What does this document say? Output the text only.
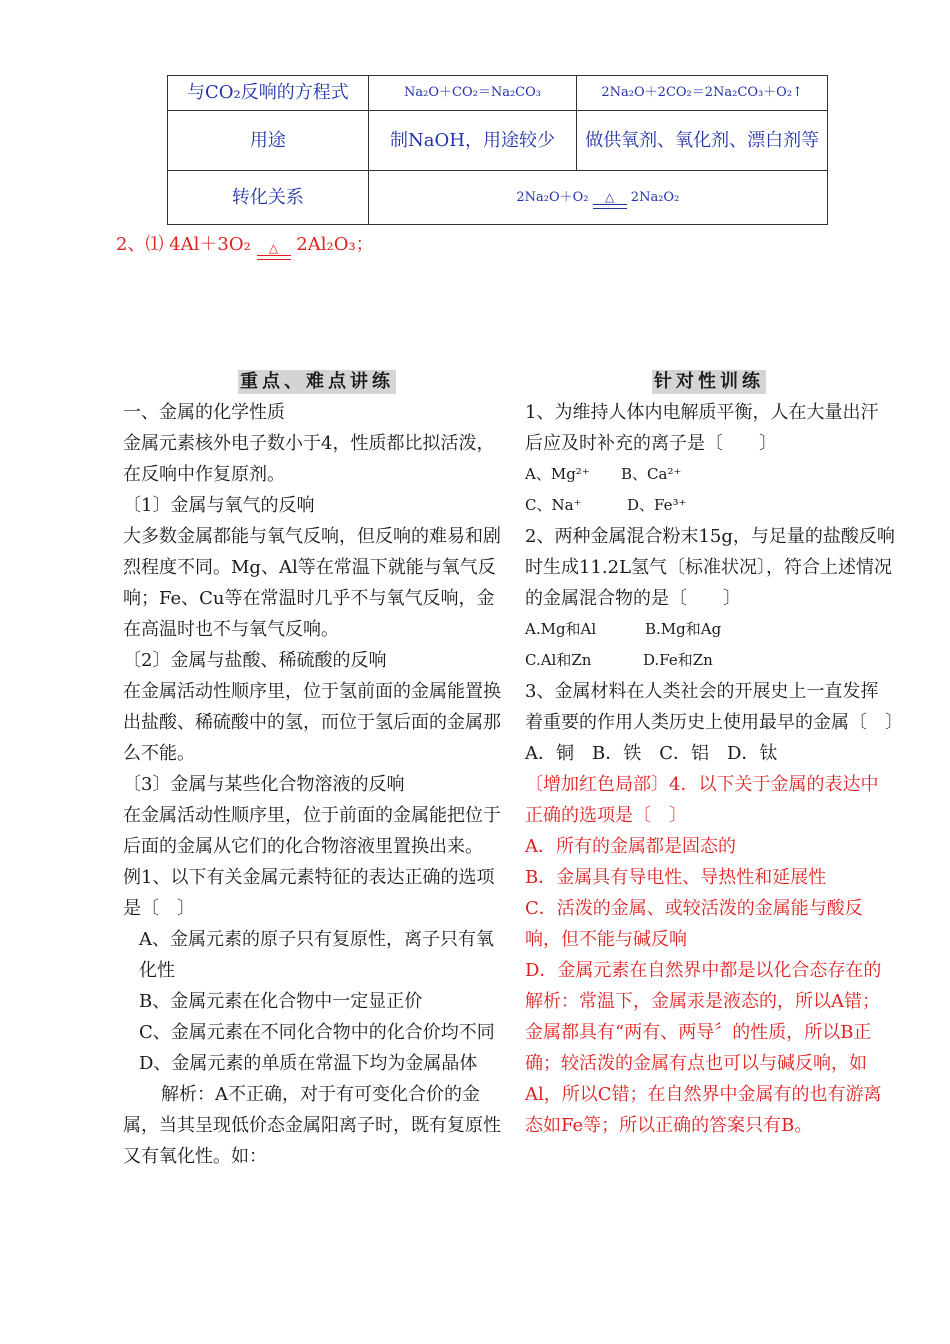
与CO₂反响的方程式	Na₂O＋CO₂＝Na₂CO₃	2Na₂O＋2CO₂＝2Na₂CO₃＋O₂↑
用途	制NaOH，用途较少	做供氧剂、氧化剂、漂白剂等
转化关系	2Na₂O＋O₂ △ 2Na₂O₂	
2、⑴ 4Al＋3O₂	△	2Al₂O₃；
重点、难点讲练	针对性训练

一、金属的化学性质

金属元素核外电子数小于4，性质都比拟活泼，在反响中作复原剂。

〔1〕金属与氧气的反响

大多数金属都能与氧气反响，但反响的难易和剧烈程度不同。Mg、Al等在常温下就能与氧气反响；Fe、Cu等在常温时几乎不与氧气反响，金在高温时也不与氧气反响。

〔2〕金属与盐酸、稀硫酸的反响

在金属活动性顺序里，位于氢前面的金属能置换出盐酸、稀硫酸中的氢，而位于氢后面的金属那么不能。

〔3〕金属与某些化合物溶液的反响

在金属活动性顺序里，位于前面的金属能把位于后面的金属从它们的化合物溶液里置换出来。

例1、以下有关金属元素特征的表达正确的选项是〔　〕

A、金属元素的原子只有复原性，离子只有氧化性

B、金属元素在化合物中一定显正价

C、金属元素在不同化合物中的化合价均不同

D、金属元素的单质在常温下均为金属晶体

解析：A不正确，对于有可变化合价的金属，当其呈现低价态金属阳离子时，既有复原性又有氧化性。如：

1、为维持人体内电解质平衡，人在大量出汗后应及时补充的离子是〔　　〕

A、Mg²⁺ B、Ca²⁺

C、Na⁺	D、Fe³⁺

2、两种金属混合粉末15g，与足量的盐酸反响时生成11.2L氢气〔标准状况〕，符合上述情况的金属混合物的是〔　　〕

A.Mg和Al	B.Mg和Ag

C.Al和Zn	D.Fe和Zn

3、金属材料在人类社会的开展史上一直发挥着重要的作用人类历史上使用最早的金属〔　〕

A．铜　B．铁　C．铝　D．钛

〔增加红色局部〕4．以下关于金属的表达中正确的选项是〔　〕

A．所有的金属都是固态的

B．金属具有导电性、导热性和延展性

C．活泼的金属、或较活泼的金属能与酸反响，但不能与碱反响

D．金属元素在自然界中都是以化合态存在的

解析：常温下，金属汞是液态的，所以A错；金属都具有“两有、两导〞的性质，所以B正确；较活泼的金属有点也可以与碱反响，如Al，所以C错；在自然界中金属有的也有游离态如Fe等；所以正确的答案只有B。
